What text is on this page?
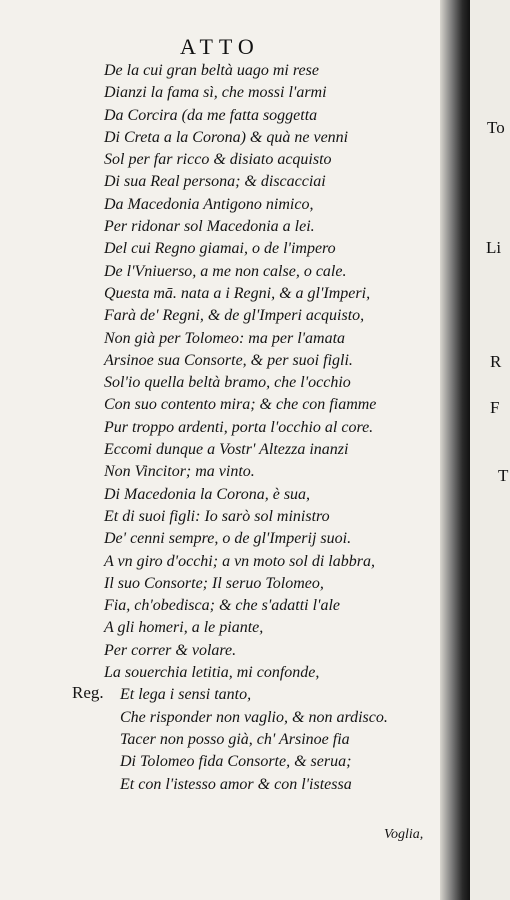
ATTO
De la cui gran beltà uago mi rese
Dianzi la fama sì, che mossi l'armi
Da Corcira (da me fatta soggetta
Di Creta a la Corona) & quà ne venni
Sol per far ricco & disiato acquisto
Di sua Real persona; & discacciai
Da Macedonia Antigono nimico,
Per ridonar sol Macedonia a lei.
Del cui Regno giamai, o de l'impero
De l'Vniuerso, a me non calse, o cale.
Questa mā. nata a i Regni, & a gl'Imperi,
Farà de' Regni, & de gl'Imperi acquisto,
Non già per Tolomeo: ma per l'amata
Arsinoe sua Consorte, & per suoi figli.
Sol'io quella beltà bramo, che l'occhio
Con suo contento mira; & che con fiamme
Pur troppo ardenti, porta l'occhio al core.
Eccomi dunque a Vostr' Altezza inanzi
Non Vincitor; ma vinto.
Di Macedonia la Corona, è sua,
Et di suoi figli: Io sarò sol ministro
De' cenni sempre, o de gl'Imperij suoi.
A vn giro d'occhi; a vn moto sol di labbra,
Il suo Consorte; Il seruo Tolomeo,
Fia, ch'obedisca; & che s'adatti l'ale
A gli homeri, a le piante,
Per correr & volare.
La souerchia letitia, mi confonde,
Et lega i sensi tanto,
Che risponder non vaglio, & non ardisco.
Tacer non posso già, ch' Arsinoe fia
Di Tolomeo fida Consorte, & serua;
Et con l'istesso amor & con l'istessa
Reg.
Voglia,
To
Li
R
F
T
